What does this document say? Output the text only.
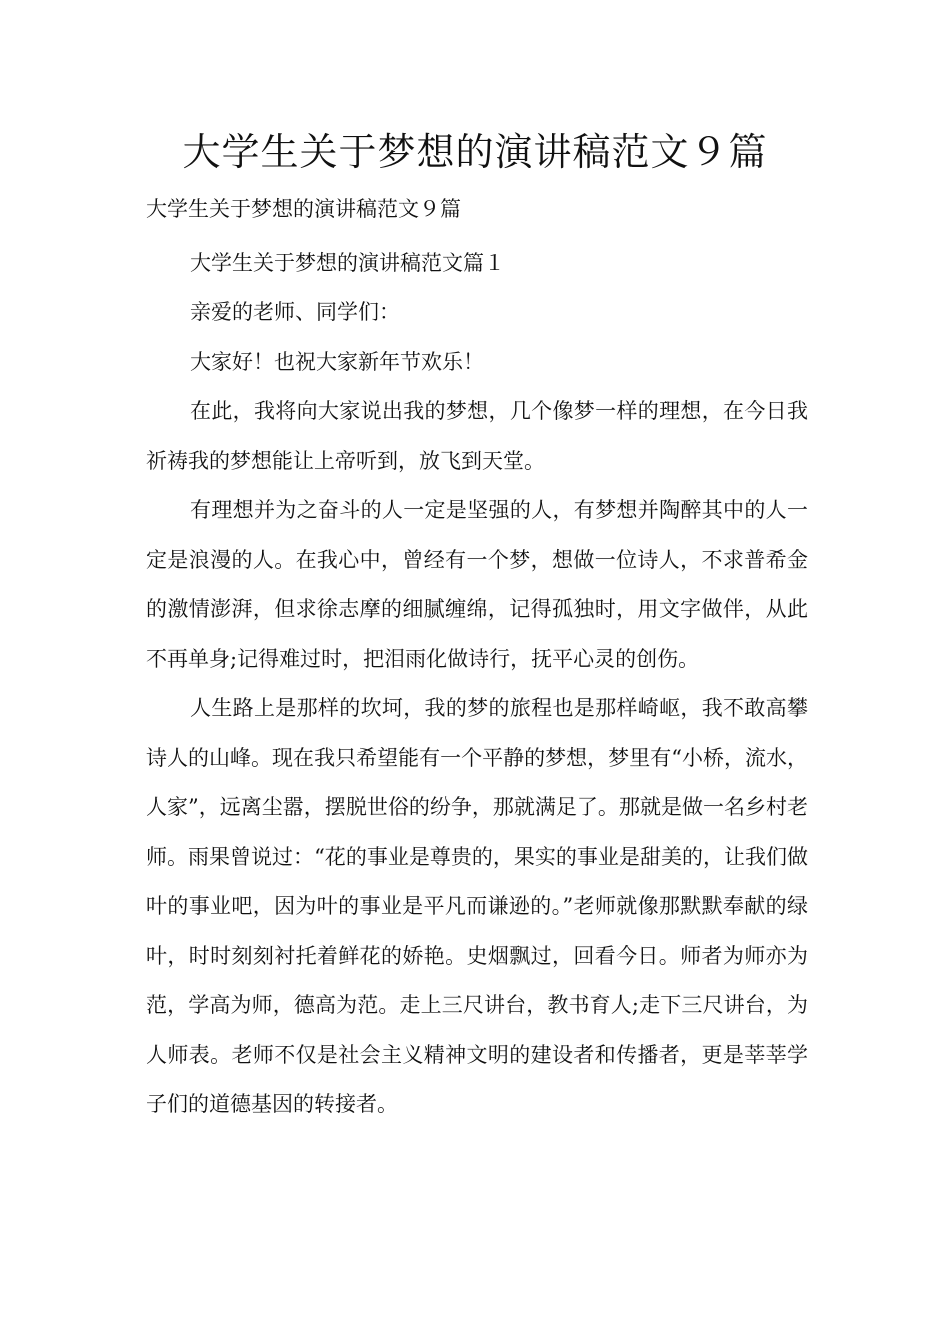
大学生关于梦想的演讲稿范文９篇

大学生关于梦想的演讲稿范文９篇

大学生关于梦想的演讲稿范文篇１

亲爱的老师、同学们：

大家好！也祝大家新年节欢乐！

在此，我将向大家说出我的梦想，几个像梦一样的理想，在今日我祈祷我的梦想能让上帝听到，放飞到天堂。

有理想并为之奋斗的人一定是坚强的人，有梦想并陶醉其中的人一定是浪漫的人。在我心中，曾经有一个梦，想做一位诗人，不求普希金的激情澎湃，但求徐志摩的细腻缠绵，记得孤独时，用文字做伴，从此不再单身;记得难过时，把泪雨化做诗行，抚平心灵的创伤。

人生路上是那样的坎坷，我的梦的旅程也是那样崎岖，我不敢高攀诗人的山峰。现在我只希望能有一个平静的梦想，梦里有“小桥，流水，人家”，远离尘嚣，摆脱世俗的纷争，那就满足了。那就是做一名乡村老师。雨果曾说过：“花的事业是尊贵的，果实的事业是甜美的，让我们做叶的事业吧，因为叶的事业是平凡而谦逊的。”老师就像那默默奉献的绿叶，时时刻刻衬托着鲜花的娇艳。史烟飘过，回看今日。师者为师亦为范，学高为师，德高为范。走上三尺讲台，教书育人;走下三尺讲台，为人师表。老师不仅是社会主义精神文明的建设者和传播者，更是莘莘学子们的道德基因的转接者。
